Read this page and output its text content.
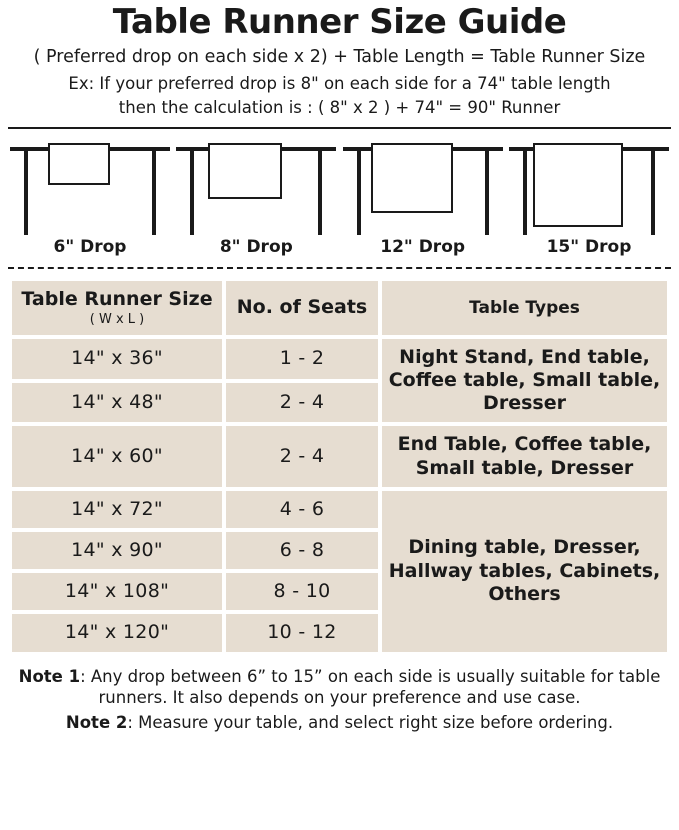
Table Runner Size Guide
( Preferred drop on each side x 2) + Table Length = Table Runner Size
Ex: If your preferred drop is 8" on each side for a 74" table length
then the calculation is : ( 8" x 2 ) + 74" = 90" Runner
6" Drop	8" Drop	12" Drop	15" Drop
Table Runner Size
( W x L )	No. of Seats	Table Types
14" x 36"	1 - 2	Night Stand, End table, Coffee table, Small table, Dresser
14" x 48"	2 - 4	
14" x 60"	2 - 4	End Table, Coffee table, Small table, Dresser
14" x 72"	4 - 6	Dining table, Dresser, Hallway tables, Cabinets, Others
14" x 90"	6 - 8	
14" x 108"	8 - 10	
14" x 120"	10 - 12	

Note 1: Any drop between 6” to 15” on each side is usually suitable for table runners. It also depends on your preference and use case.

Note 2: Measure your table, and select right size before ordering.
